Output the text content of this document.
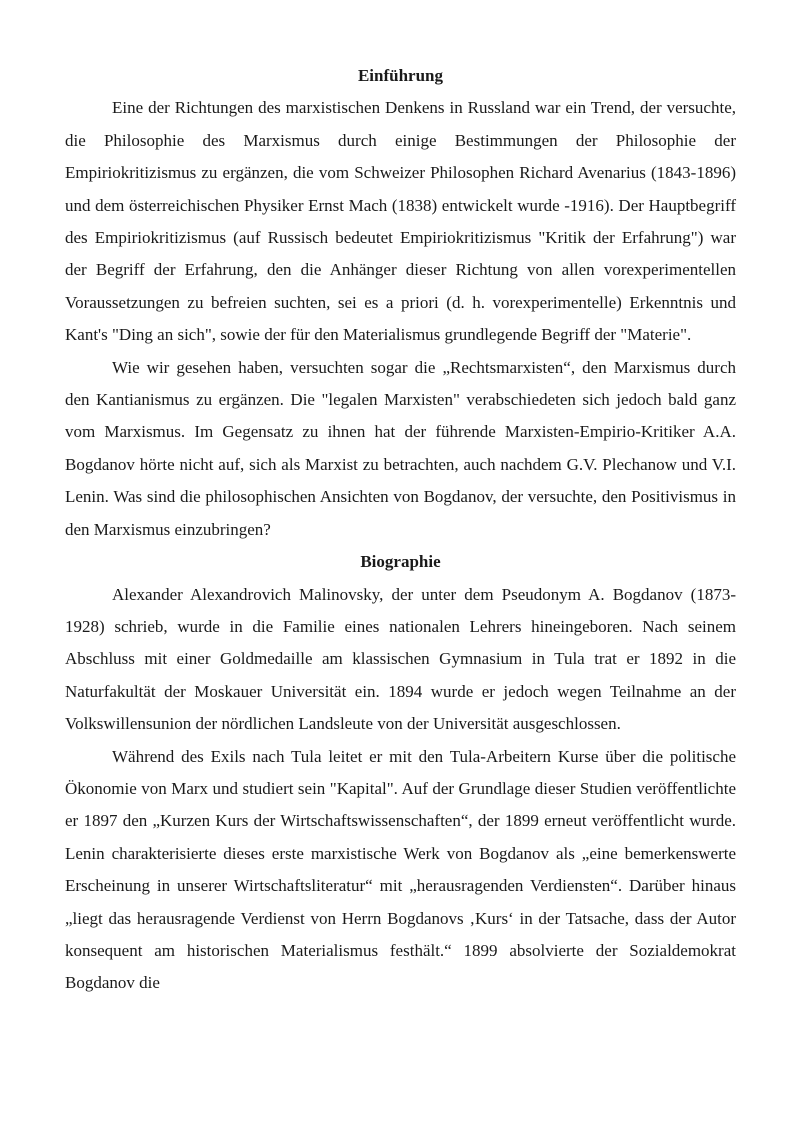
Einführung

Eine der Richtungen des marxistischen Denkens in Russland war ein Trend, der versuchte, die Philosophie des Marxismus durch einige Bestimmungen der Philosophie der Empiriokritizismus zu ergänzen, die vom Schweizer Philosophen Richard Avenarius (1843-1896) und dem österreichischen Physiker Ernst Mach (1838) entwickelt wurde -1916). Der Hauptbegriff des Empiriokritizismus (auf Russisch bedeutet Empiriokritizismus "Kritik der Erfahrung") war der Begriff der Erfahrung, den die Anhänger dieser Richtung von allen vorexperimentellen Voraussetzungen zu befreien suchten, sei es a priori (d. h. vorexperimentelle) Erkenntnis und Kant's "Ding an sich", sowie der für den Materialismus grundlegende Begriff der "Materie".

Wie wir gesehen haben, versuchten sogar die „Rechtsmarxisten“, den Marxismus durch den Kantianismus zu ergänzen. Die "legalen Marxisten" verabschiedeten sich jedoch bald ganz vom Marxismus. Im Gegensatz zu ihnen hat der führende Marxisten-Empirio-Kritiker A.A. Bogdanov hörte nicht auf, sich als Marxist zu betrachten, auch nachdem G.V. Plechanow und V.I. Lenin. Was sind die philosophischen Ansichten von Bogdanov, der versuchte, den Positivismus in den Marxismus einzubringen?

Biographie

Alexander Alexandrovich Malinovsky, der unter dem Pseudonym A. Bogdanov (1873-1928) schrieb, wurde in die Familie eines nationalen Lehrers hineingeboren. Nach seinem Abschluss mit einer Goldmedaille am klassischen Gymnasium in Tula trat er 1892 in die Naturfakultät der Moskauer Universität ein. 1894 wurde er jedoch wegen Teilnahme an der Volkswillensunion der nördlichen Landsleute von der Universität ausgeschlossen.

Während des Exils nach Tula leitet er mit den Tula-Arbeitern Kurse über die politische Ökonomie von Marx und studiert sein "Kapital". Auf der Grundlage dieser Studien veröffentlichte er 1897 den „Kurzen Kurs der Wirtschaftswissenschaften“, der 1899 erneut veröffentlicht wurde. Lenin charakterisierte dieses erste marxistische Werk von Bogdanov als „eine bemerkenswerte Erscheinung in unserer Wirtschaftsliteratur“ mit „herausragenden Verdiensten“. Darüber hinaus „liegt das herausragende Verdienst von Herrn Bogdanovs ‚Kurs‘ in der Tatsache, dass der Autor konsequent am historischen Materialismus festhält.“ 1899 absolvierte der Sozialdemokrat Bogdanov die
